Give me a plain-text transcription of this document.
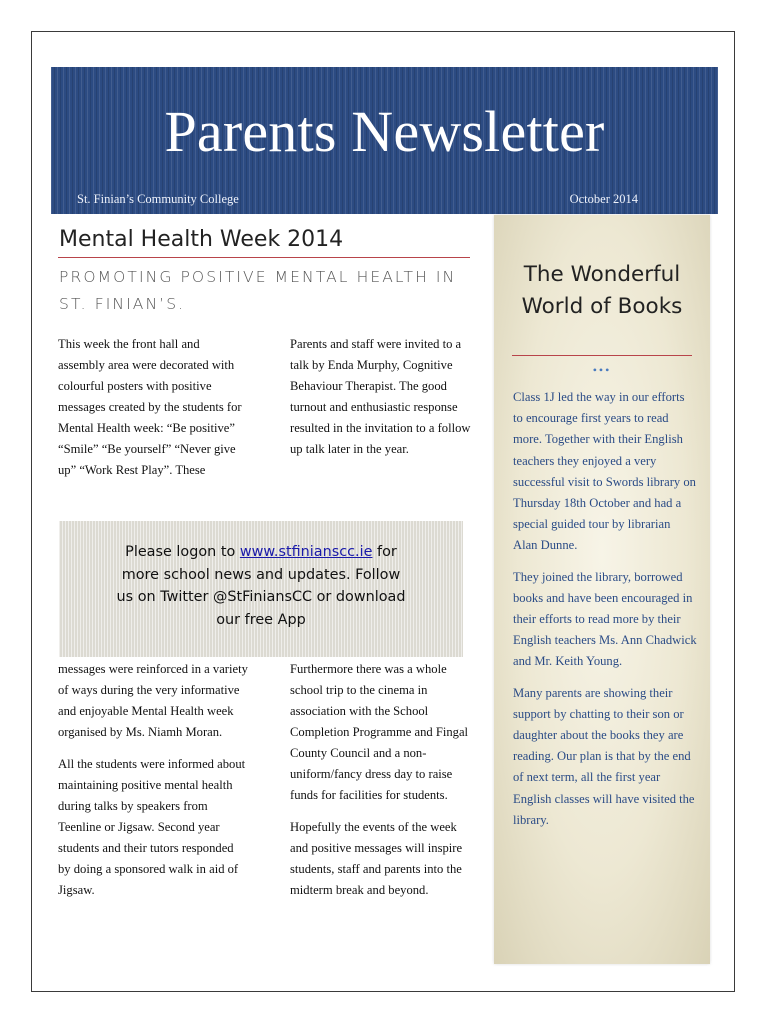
Parents Newsletter
St. Finian’s Community College	October 2014
Mental Health Week 2014
PROMOTING POSITIVE MENTAL HEALTH IN ST. FINIAN’S.

This week the front hall and assembly area were decorated with colourful posters with positive messages created by the students for Mental Health week: “Be positive” “Smile” “Be yourself” “Never give up” “Work Rest Play”. These

Parents and staff were invited to a talk by Enda Murphy, Cognitive Behaviour Therapist. The good turnout and enthusiastic response resulted in the invitation to a follow up talk later in the year.

Please logon to www.stfinianscc.ie for
more school news and updates. Follow
us on Twitter @StFiniansCC or download
our free App

messages were reinforced in a variety of ways during the very informative and enjoyable Mental Health week organised by Ms. Niamh Moran.

All the students were informed about maintaining positive mental health during talks by speakers from Teenline or Jigsaw. Second year students and their tutors responded by doing a sponsored walk in aid of Jigsaw.

Furthermore there was a whole school trip to the cinema in association with the School Completion Programme and Fingal County Council and a non-uniform/fancy dress day to raise funds for facilities for students.

Hopefully the events of the week and positive messages will inspire students, staff and parents into the midterm break and beyond.

The Wonderful World of Books
•••

Class 1J led the way in our efforts to encourage first years to read more. Together with their English teachers they enjoyed a very successful visit to Swords library on Thursday 18th October and had a special guided tour by librarian Alan Dunne.

They joined the library, borrowed books and have been encouraged in their efforts to read more by their English teachers Ms. Ann Chadwick and Mr. Keith Young.

Many parents are showing their support by chatting to their son or daughter about the books they are reading. Our plan is that by the end of next term, all the first year English classes will have visited the library.
